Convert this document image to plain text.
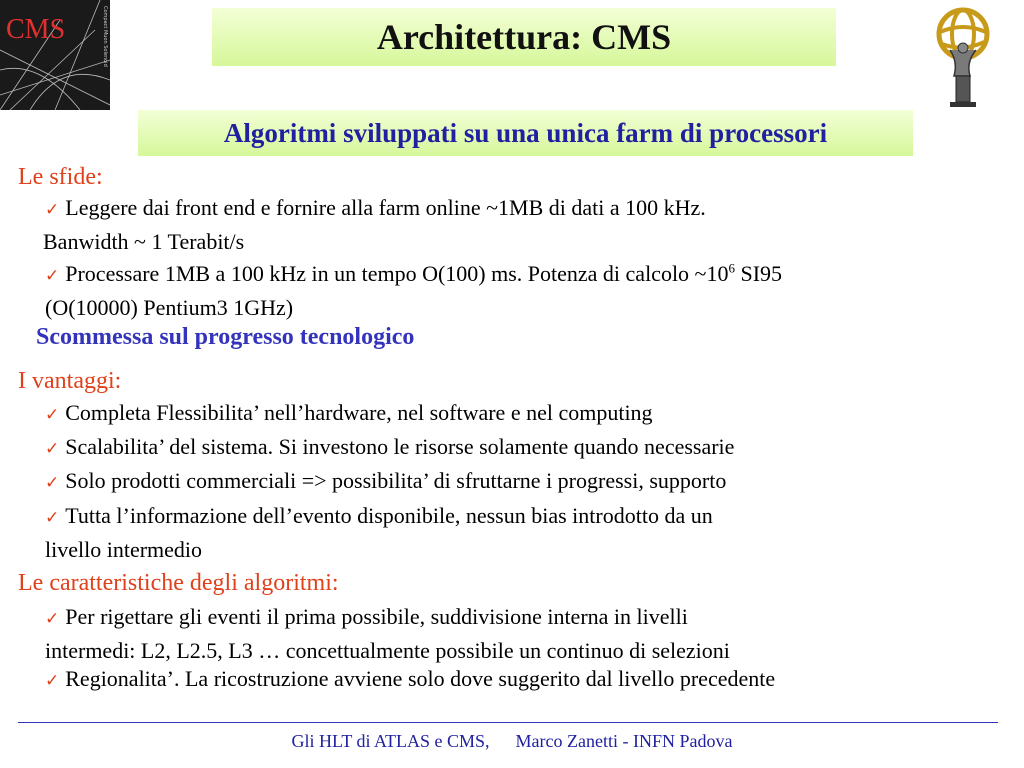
CMS	Compact Muon Solenoid	Architettura: CMS
Algoritmi sviluppati su una unica farm di processori
Le sfide:
✓ Leggere dai front end e fornire alla farm online ~1MB di dati a 100 kHz.
Banwidth ~ 1 Terabit/s
✓ Processare 1MB a 100 kHz in un tempo O(100) ms. Potenza di calcolo $\sim 10^6$ SI95
(O(10000) Pentium3 1GHz)
Scommessa sul progresso tecnologico
I vantaggi:
✓ Completa Flessibilita’ nell’hardware, nel software e nel computing
✓ Scalabilita’ del sistema. Si investono le risorse solamente quando necessarie
✓ Solo prodotti commerciali => possibilita’ di sfruttarne i progressi, supporto
✓ Tutta l’informazione dell’evento disponibile, nessun bias introdotto da un
livello intermedio
Le caratteristiche degli algoritmi:
✓ Per rigettare gli eventi il prima possibile, suddivisione interna in livelli
intermedi: L2, L2.5, L3 … concettualmente possibile un continuo di selezioni
✓ Regionalita’. La ricostruzione avviene solo dove suggerito dal livello precedente
Gli HLT di ATLAS e CMS, Marco Zanetti - INFN Padova
